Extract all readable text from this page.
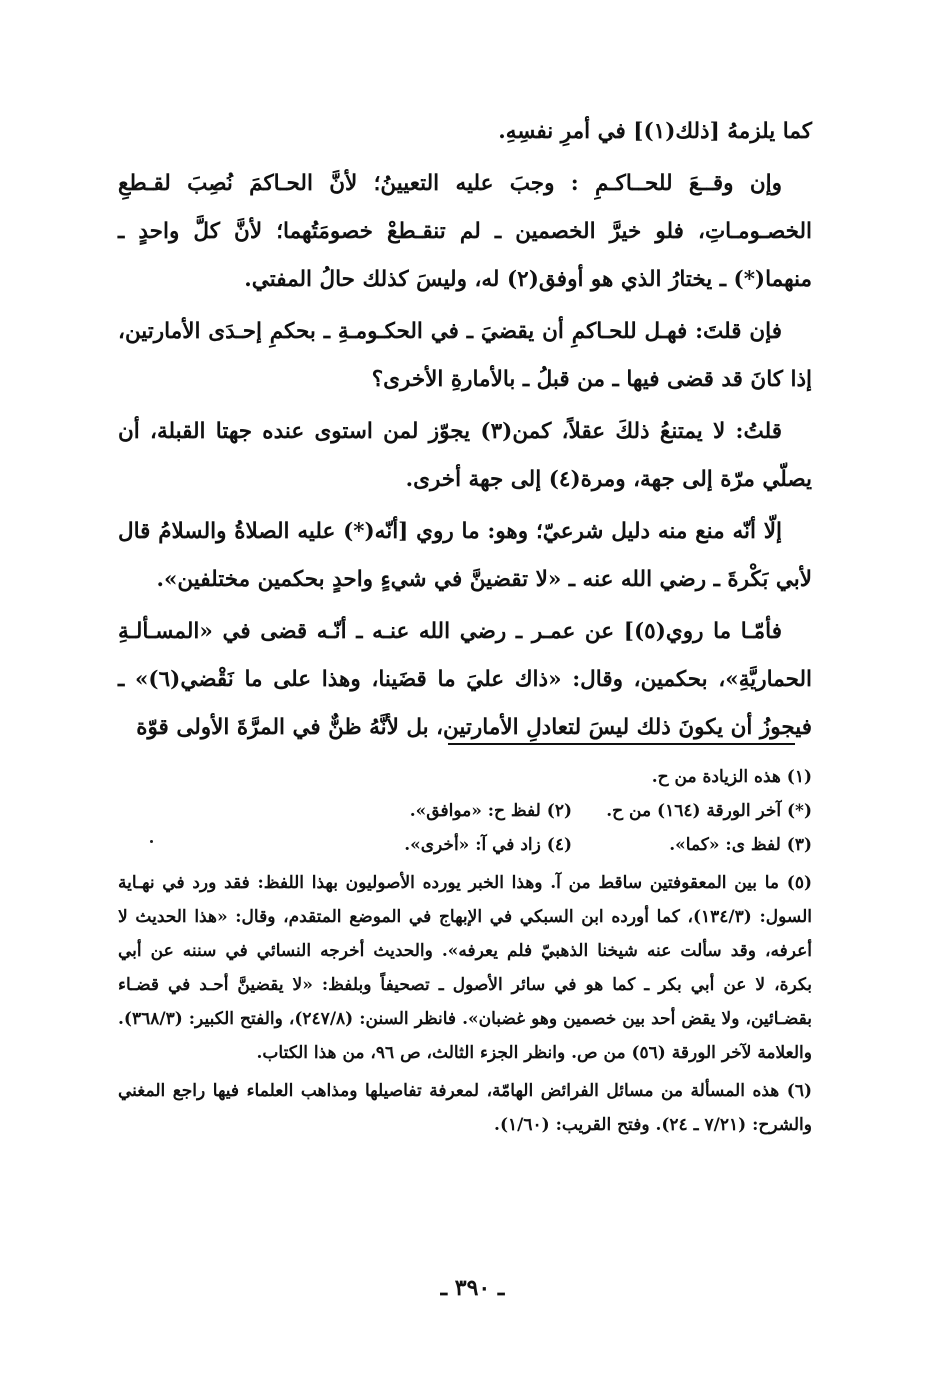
كما يلزمهُ [ذلك(١)] في أمرِ نفسِهِ.

وإن وقــعَ للحــاكـمِ : وجبَ عليه التعيينُ؛ لأنَّ الحـاكمَ نُصِبَ لقـطعِ الخصـومـاتِ، فلو خيرَّ الخصمين ـ لم تنقـطعْ خصومَتُهما؛ لأنَّ كلَّ واحدٍ ـ منهما(*) ـ يختارُ الذي هو أوفق(٢) له، وليسَ كذلك حالُ المفتي.

فإن قلتَ: فهـل للحـاكمِ أن يقضيَ ـ في الحكـومـةِ ـ بحكمِ إحـدَى الأمارتين، إذا كانَ قد قضى فيها ـ من قبلُ ـ بالأمارةِ الأخرى؟

قلتُ: لا يمتنعُ ذلكَ عقلاً، كمن(٣) يجوّز لمن استوى عنده جهتا القبلة، أن يصلّي مرّة إلى جهة، ومرة(٤) إلى جهة أخرى.

إلّا أنّه منع منه دليل شرعيّ؛ وهو: ما روي [أنّه(*) عليه الصلاةُ والسلامُ قال لأبي بَكْرةَ ـ رضي الله عنه ـ «لا تقضينَّ في شيءٍ واحدٍ بحكمين مختلفين».

فأمّـا ما روي(٥)] عن عمـر ـ رضي الله عنـه ـ أنّـه قضى في «المسـألـةِ الحماريَّةِ»، بحكمين، وقال: «ذاك عليَ ما قضَينا، وهذا على ما نَقْضي(٦)» ـ فيجوزُ أن يكونَ ذلك ليسَ لتعادلِ الأمارتين، بل لأنَّهُ ظنٌّ في المرَّةَ الأولى قوّة

(١) هذه الزيادة من ح.
(*) آخر الورقة (١٦٤) من ح.
(٢) لفظ ح: «موافق».
(٣) لفظ ى: «كما».
(٤) زاد في آ: «أخرى».
(٥) ما بين المعقوفتين ساقط من آ. وهذا الخبر يورده الأصوليون بهذا اللفظ: فقد ورد في نهـاية السول: (١٣٤/٣)، كما أورده ابن السبكي في الإبهاج في الموضع المتقدم، وقال: «هذا الحديث لا أعرفه، وقد سألت عنه شيخنا الذهبيّ فلم يعرفه». والحديث أخرجه النسائي في سننه عن أبي بكرة، لا عن أبي بكر ـ كما هو في سائر الأصول ـ تصحيفاً وبلفظ: «لا يقضينَّ أحـد في قضـاء بقضـائين، ولا يقض أحد بين خصمين وهو غضبان». فانظر السنن: (٢٤٧/٨)، والفتح الكبير: (٣٦٨/٣). والعلامة لآخر الورقة (٥٦) من ص. وانظر الجزء الثالث، ص ٩٦، من هذا الكتاب.
(٦) هذه المسألة من مسائل الفرائض الهامّة، لمعرفة تفاصيلها ومذاهب العلماء فيها راجع المغني والشرح: (٧/٢١ ـ ٢٤). وفتح القريب: (١/٦٠).
ـ ٣٩٠ ـ
